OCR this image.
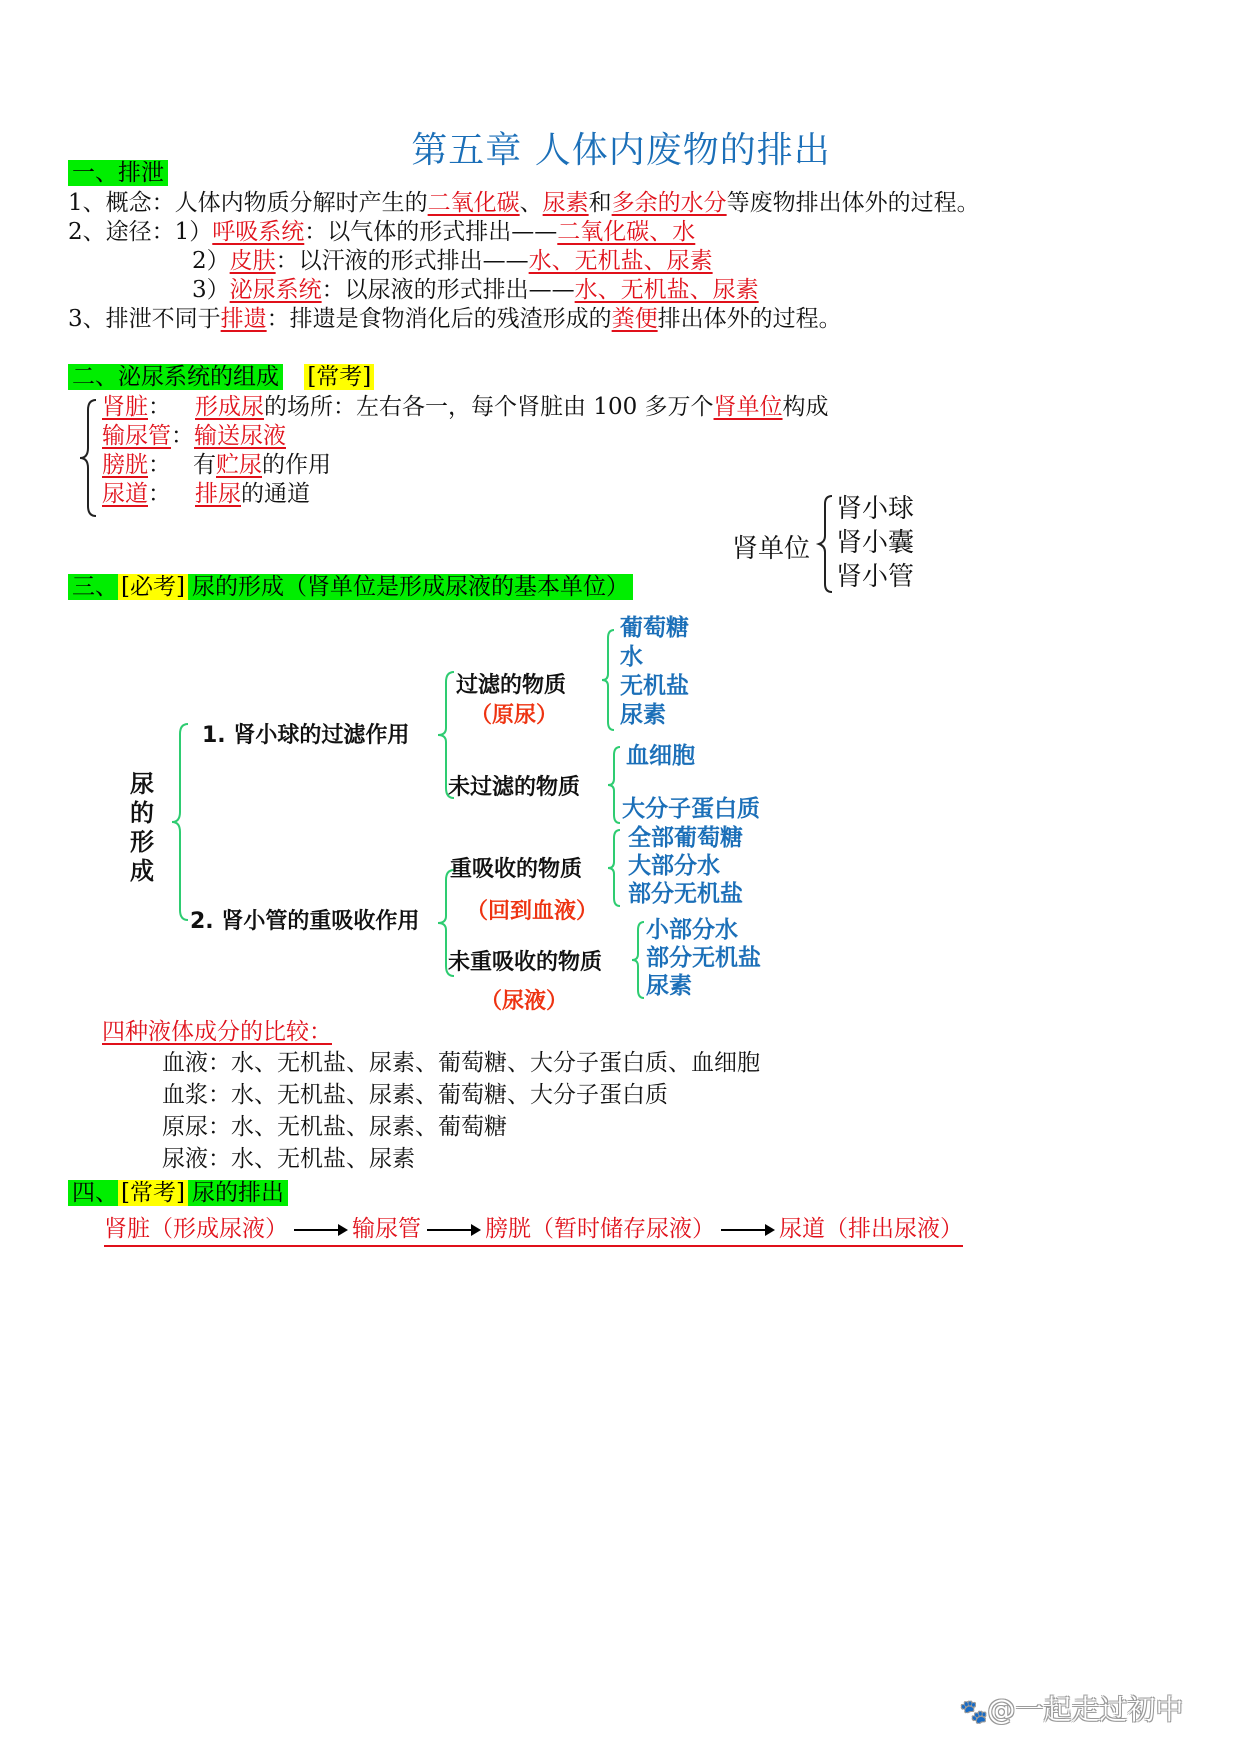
第五章 人体内废物的排出
一、排泄
1、概念：人体内物质分解时产生的二氧化碳、尿素和多余的水分等废物排出体外的过程。
2、途径：1）呼吸系统：以气体的形式排出——二氧化碳、水
2）皮肤：以汗液的形式排出——水、无机盐、尿素
3）泌尿系统：以尿液的形式排出——水、无机盐、尿素
3、排泄不同于排遗：排遗是食物消化后的残渣形成的粪便排出体外的过程。
二、泌尿系统的组成 [常考]
肾脏： 形成尿的场所：左右各一，每个肾脏由 100 多万个肾单位构成
输尿管：输送尿液
膀胱： 有贮尿的作用
尿道： 排尿的通道
肾单位
肾小球
肾小囊
肾小管
三、 [必考] 尿的形成（肾单位是形成尿液的基本单位）
尿的形成
1. 肾小球的过滤作用
2. 肾小管的重吸收作用
过滤的物质
（原尿）
未过滤的物质
葡萄糖
水
无机盐
尿素
血细胞
大分子蛋白质
重吸收的物质
（回到血液）
未重吸收的物质
（尿液）
全部葡萄糖
大部分水
部分无机盐
小部分水
部分无机盐
尿素
四种液体成分的比较：
血液：水、无机盐、尿素、葡萄糖、大分子蛋白质、血细胞
血浆：水、无机盐、尿素、葡萄糖、大分子蛋白质
原尿：水、无机盐、尿素、葡萄糖
尿液：水、无机盐、尿素
四、 [常考] 尿的排出
肾脏（形成尿液）	输尿管	膀胱（暂时储存尿液）	尿道（排出尿液）
🐾@一起走过初中
